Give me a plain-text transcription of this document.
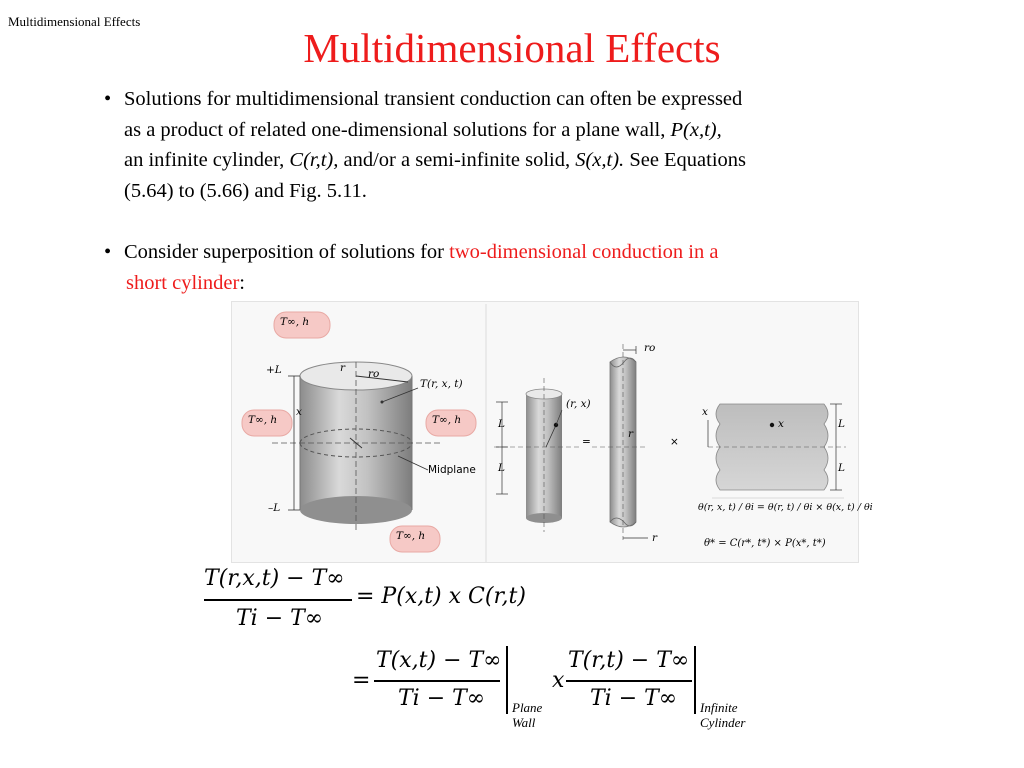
Multidimensional Effects
Multidimensional Effects
• Solutions for multidimensional transient conduction can often be expressed
as a product of related one-dimensional solutions for a plane wall, P(x,t),
an infinite cylinder, C(r,t), and/or a semi-infinite solid, S(x,t). See Equations
(5.64) to (5.66) and Fig. 5.11.
• Consider superposition of solutions for two-dimensional conduction in a
short cylinder:
T∞, h
T∞, h	T∞, h
T∞, h
+L
–L
r ro
x
T(r, x, t)
Midplane
(r, x)
L
L
=
ro
r
r
×
x
x	L
L
θ(r, x, t) / θi = θ(r, t) / θi × θ(x, t) / θi
θ* = C(r*, t*) × P(x*, t*)
T(r,x,t) − T∞
Ti − T∞
= P(x,t) x C(r,t)
=
T(x,t) − T∞
Ti − T∞ Plane
Wall
x
T(r,t) − T∞
Ti − T∞ Infinite
Cylinder
